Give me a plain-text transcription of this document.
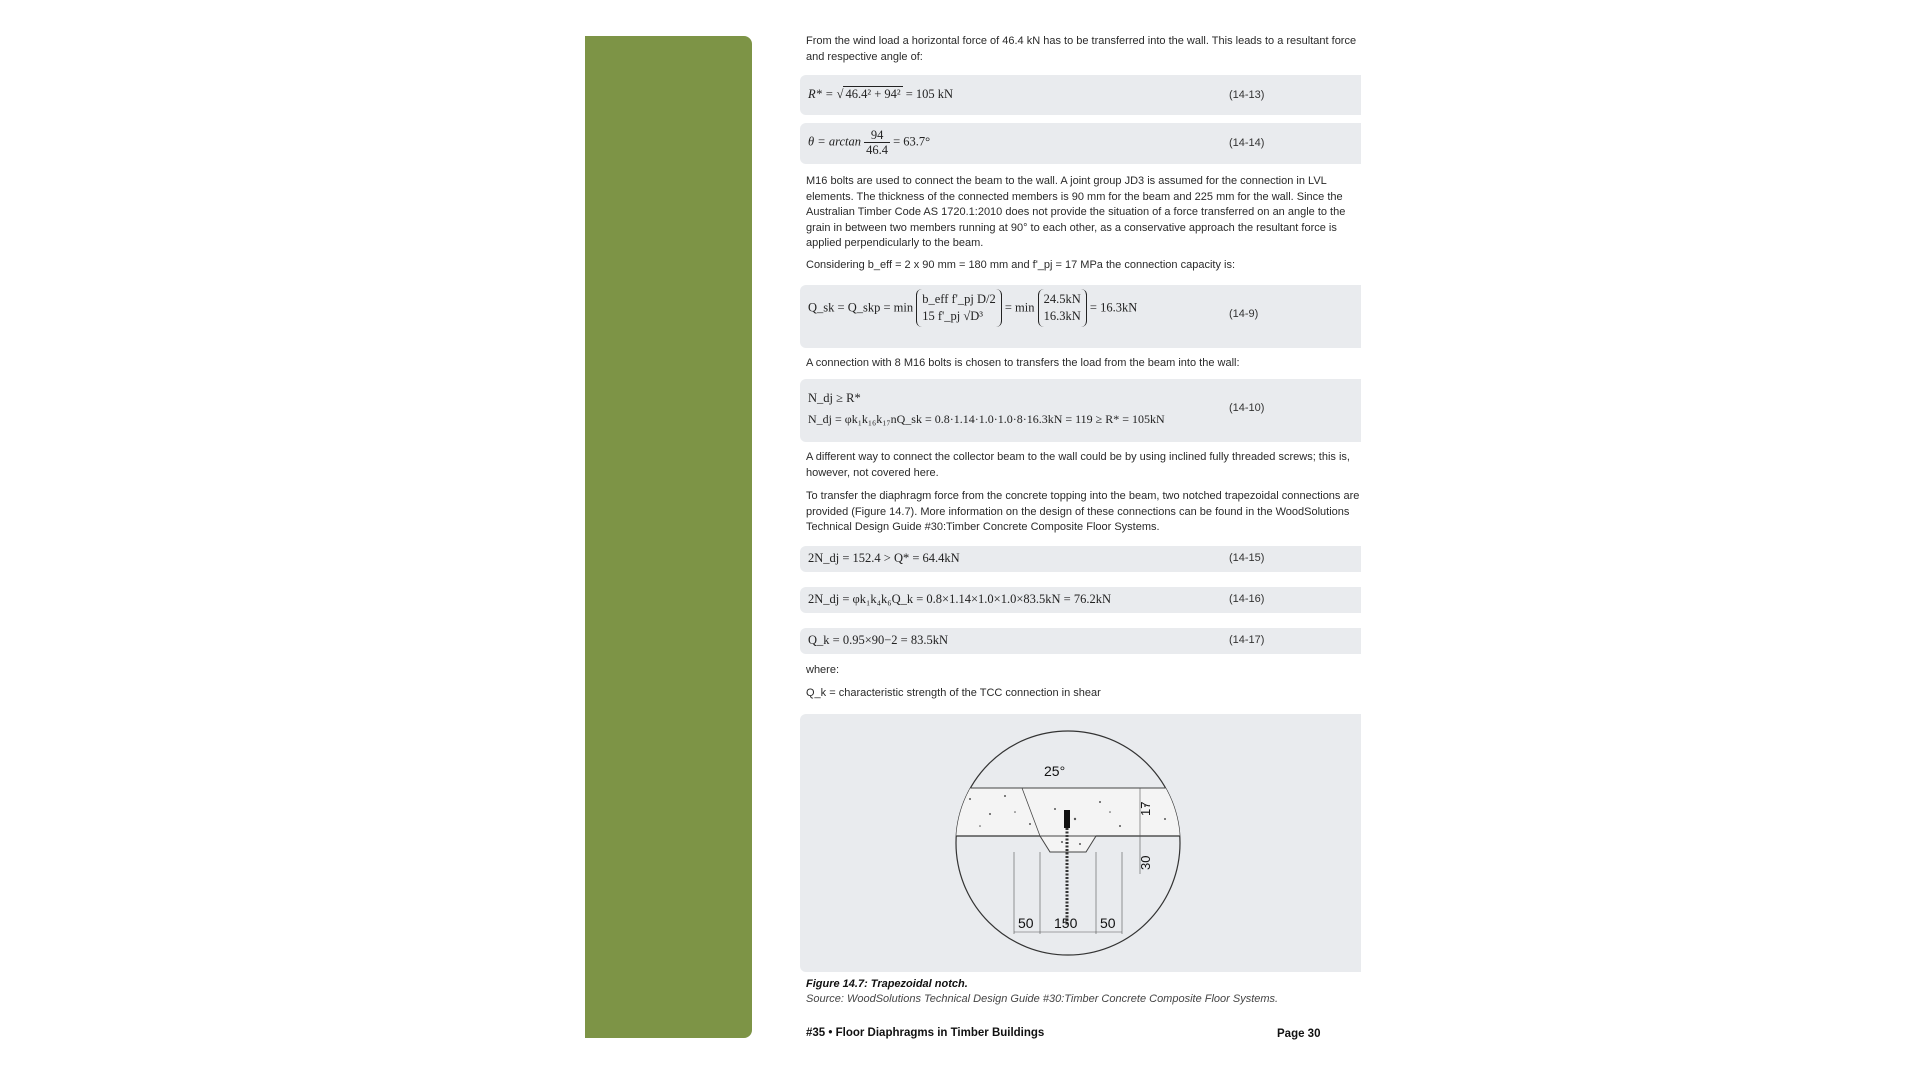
From the wind load a horizontal force of 46.4 kN has to be transferred into the wall. This leads to a resultant force and respective angle of:
R* = √ 46.4² + 94² = 105 kN	(14-13)
$\theta = \arctan \frac{94}{46.4} = 63.7^\circ$	(14-14)
M16 bolts are used to connect the beam to the wall. A joint group JD3 is assumed for the connection in LVL elements. The thickness of the connected members is 90 mm for the beam and 225 mm for the wall. Since the Australian Timber Code AS 1720.1:2010 does not provide the situation of a force transferred on an angle to the grain in between two members running at 90° to each other, as a conservative approach the resultant force is applied perpendicularly to the beam.
Considering b_eff = 2 x 90 mm = 180 mm and f'_pj = 17 MPa the connection capacity is:
Q_sk = Q_skp = min
b_eff f'_pj D/2
15 f'_pj √D³
= min
24.5kN
16.3kN
= 16.3kN	(14-9)
A connection with 8 M16 bolts is chosen to transfers the load from the beam into the wall:
N_dj ≥ R*
N_dj = φk₁k₁₆k₁₇nQ_sk = 0.8·1.14·1.0·1.0·8·16.3kN = 119 ≥ R* = 105kN
(14-10)
A different way to connect the collector beam to the wall could be by using inclined fully threaded screws; this is, however, not covered here.
To transfer the diaphragm force from the concrete topping into the beam, two notched trapezoidal connections are provided (Figure 14.7). More information on the design of these connections can be found in the WoodSolutions Technical Design Guide #30:Timber Concrete Composite Floor Systems.
2N_dj = 152.4 > Q* = 64.4kN	(14-15)
2N_dj = φk₁k₄k₆Q_k = 0.8×1.14×1.0×1.0×83.5kN = 76.2kN	(14-16)
Q_k = 0.95×90−2 = 83.5kN	(14-17)
where:
Q_k = characteristic strength of the TCC connection in shear
25°
17
30
50 150 50
Figure 14.7: Trapezoidal notch.
Source: WoodSolutions Technical Design Guide #30:Timber Concrete Composite Floor Systems.
#35 • Floor Diaphragms in Timber Buildings	Page 30
